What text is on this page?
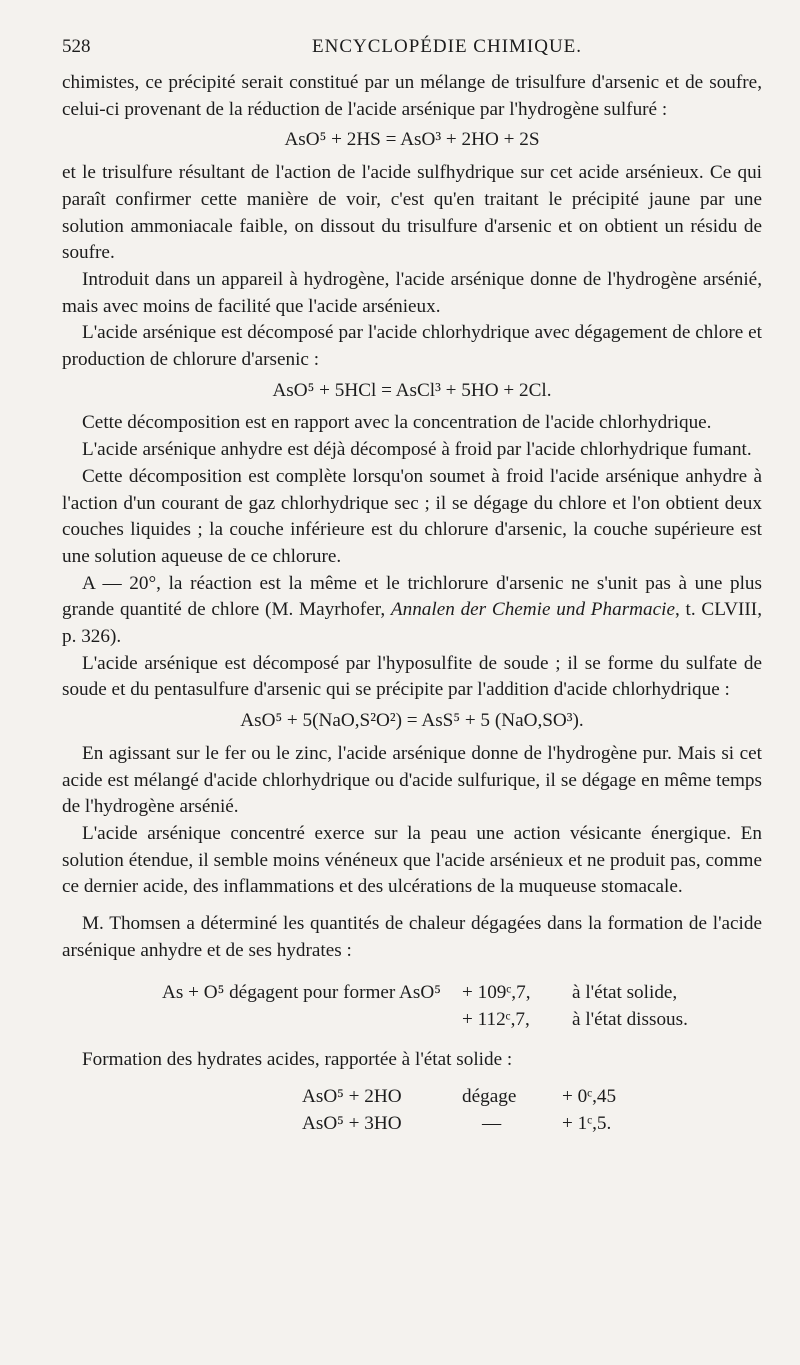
528	ENCYCLOPÉDIE CHIMIQUE.

chimistes, ce précipité serait constitué par un mélange de trisulfure d'arsenic et de soufre, celui-ci provenant de la réduction de l'acide arsénique par l'hydrogène sulfuré :

AsO⁵ + 2HS = AsO³ + 2HO + 2S

et le trisulfure résultant de l'action de l'acide sulfhydrique sur cet acide arsénieux. Ce qui paraît confirmer cette manière de voir, c'est qu'en traitant le précipité jaune par une solution ammoniacale faible, on dissout du trisulfure d'arsenic et on obtient un résidu de soufre.

Introduit dans un appareil à hydrogène, l'acide arsénique donne de l'hydrogène arsénié, mais avec moins de facilité que l'acide arsénieux.

L'acide arsénique est décomposé par l'acide chlorhydrique avec dégagement de chlore et production de chlorure d'arsenic :

AsO⁵ + 5HCl = AsCl³ + 5HO + 2Cl.

Cette décomposition est en rapport avec la concentration de l'acide chlorhydrique.

L'acide arsénique anhydre est déjà décomposé à froid par l'acide chlorhydrique fumant.

Cette décomposition est complète lorsqu'on soumet à froid l'acide arsénique anhydre à l'action d'un courant de gaz chlorhydrique sec ; il se dégage du chlore et l'on obtient deux couches liquides ; la couche inférieure est du chlorure d'arsenic, la couche supérieure est une solution aqueuse de ce chlorure.

A — 20°, la réaction est la même et le trichlorure d'arsenic ne s'unit pas à une plus grande quantité de chlore (M. Mayrhofer, Annalen der Chemie und Pharmacie, t. CLVIII, p. 326).

L'acide arsénique est décomposé par l'hyposulfite de soude ; il se forme du sulfate de soude et du pentasulfure d'arsenic qui se précipite par l'addition d'acide chlorhydrique :

AsO⁵ + 5(NaO,S²O²) = AsS⁵ + 5 (NaO,SO³).

En agissant sur le fer ou le zinc, l'acide arsénique donne de l'hydrogène pur. Mais si cet acide est mélangé d'acide chlorhydrique ou d'acide sulfurique, il se dégage en même temps de l'hydrogène arsénié.

L'acide arsénique concentré exerce sur la peau une action vésicante énergique. En solution étendue, il semble moins vénéneux que l'acide arsénieux et ne produit pas, comme ce dernier acide, des inflammations et des ulcérations de la muqueuse stomacale.

M. Thomsen a déterminé les quantités de chaleur dégagées dans la formation de l'acide arsénique anhydre et de ses hydrates :

As + O⁵ dégagent pour former AsO⁵	+ 109ᶜ,7,	à l'état solide,
+ 112ᶜ,7,	à l'état dissous.

Formation des hydrates acides, rapportée à l'état solide :

AsO⁵ + 2HO	dégage	+ 0ᶜ,45
AsO⁵ + 3HO	—	+ 1ᶜ,5.
